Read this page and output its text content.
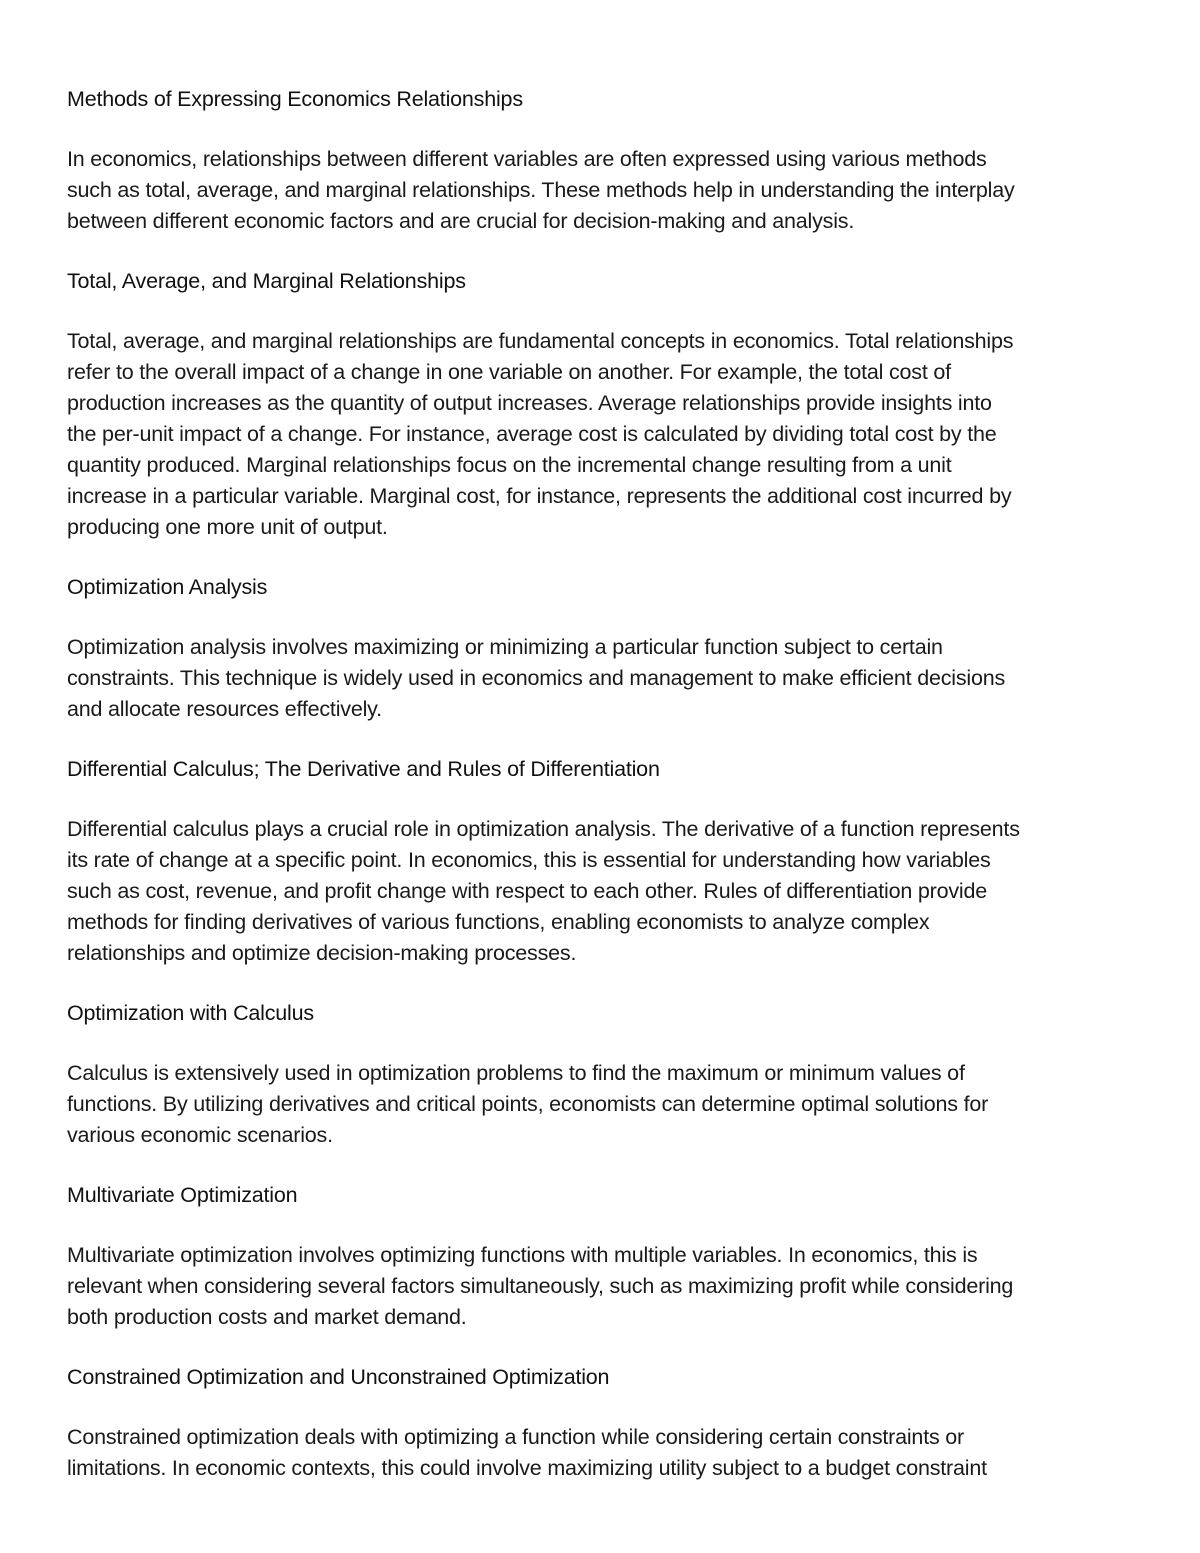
Methods of Expressing Economics Relationships

In economics, relationships between different variables are often expressed using various methods
such as total, average, and marginal relationships. These methods help in understanding the interplay
between different economic factors and are crucial for decision-making and analysis.

Total, Average, and Marginal Relationships

Total, average, and marginal relationships are fundamental concepts in economics. Total relationships
refer to the overall impact of a change in one variable on another. For example, the total cost of
production increases as the quantity of output increases. Average relationships provide insights into
the per-unit impact of a change. For instance, average cost is calculated by dividing total cost by the
quantity produced. Marginal relationships focus on the incremental change resulting from a unit
increase in a particular variable. Marginal cost, for instance, represents the additional cost incurred by
producing one more unit of output.

Optimization Analysis

Optimization analysis involves maximizing or minimizing a particular function subject to certain
constraints. This technique is widely used in economics and management to make efficient decisions
and allocate resources effectively.

Differential Calculus; The Derivative and Rules of Differentiation

Differential calculus plays a crucial role in optimization analysis. The derivative of a function represents
its rate of change at a specific point. In economics, this is essential for understanding how variables
such as cost, revenue, and profit change with respect to each other. Rules of differentiation provide
methods for finding derivatives of various functions, enabling economists to analyze complex
relationships and optimize decision-making processes.

Optimization with Calculus

Calculus is extensively used in optimization problems to find the maximum or minimum values of
functions. By utilizing derivatives and critical points, economists can determine optimal solutions for
various economic scenarios.

Multivariate Optimization

Multivariate optimization involves optimizing functions with multiple variables. In economics, this is
relevant when considering several factors simultaneously, such as maximizing profit while considering
both production costs and market demand.

Constrained Optimization and Unconstrained Optimization

Constrained optimization deals with optimizing a function while considering certain constraints or
limitations. In economic contexts, this could involve maximizing utility subject to a budget constraint
